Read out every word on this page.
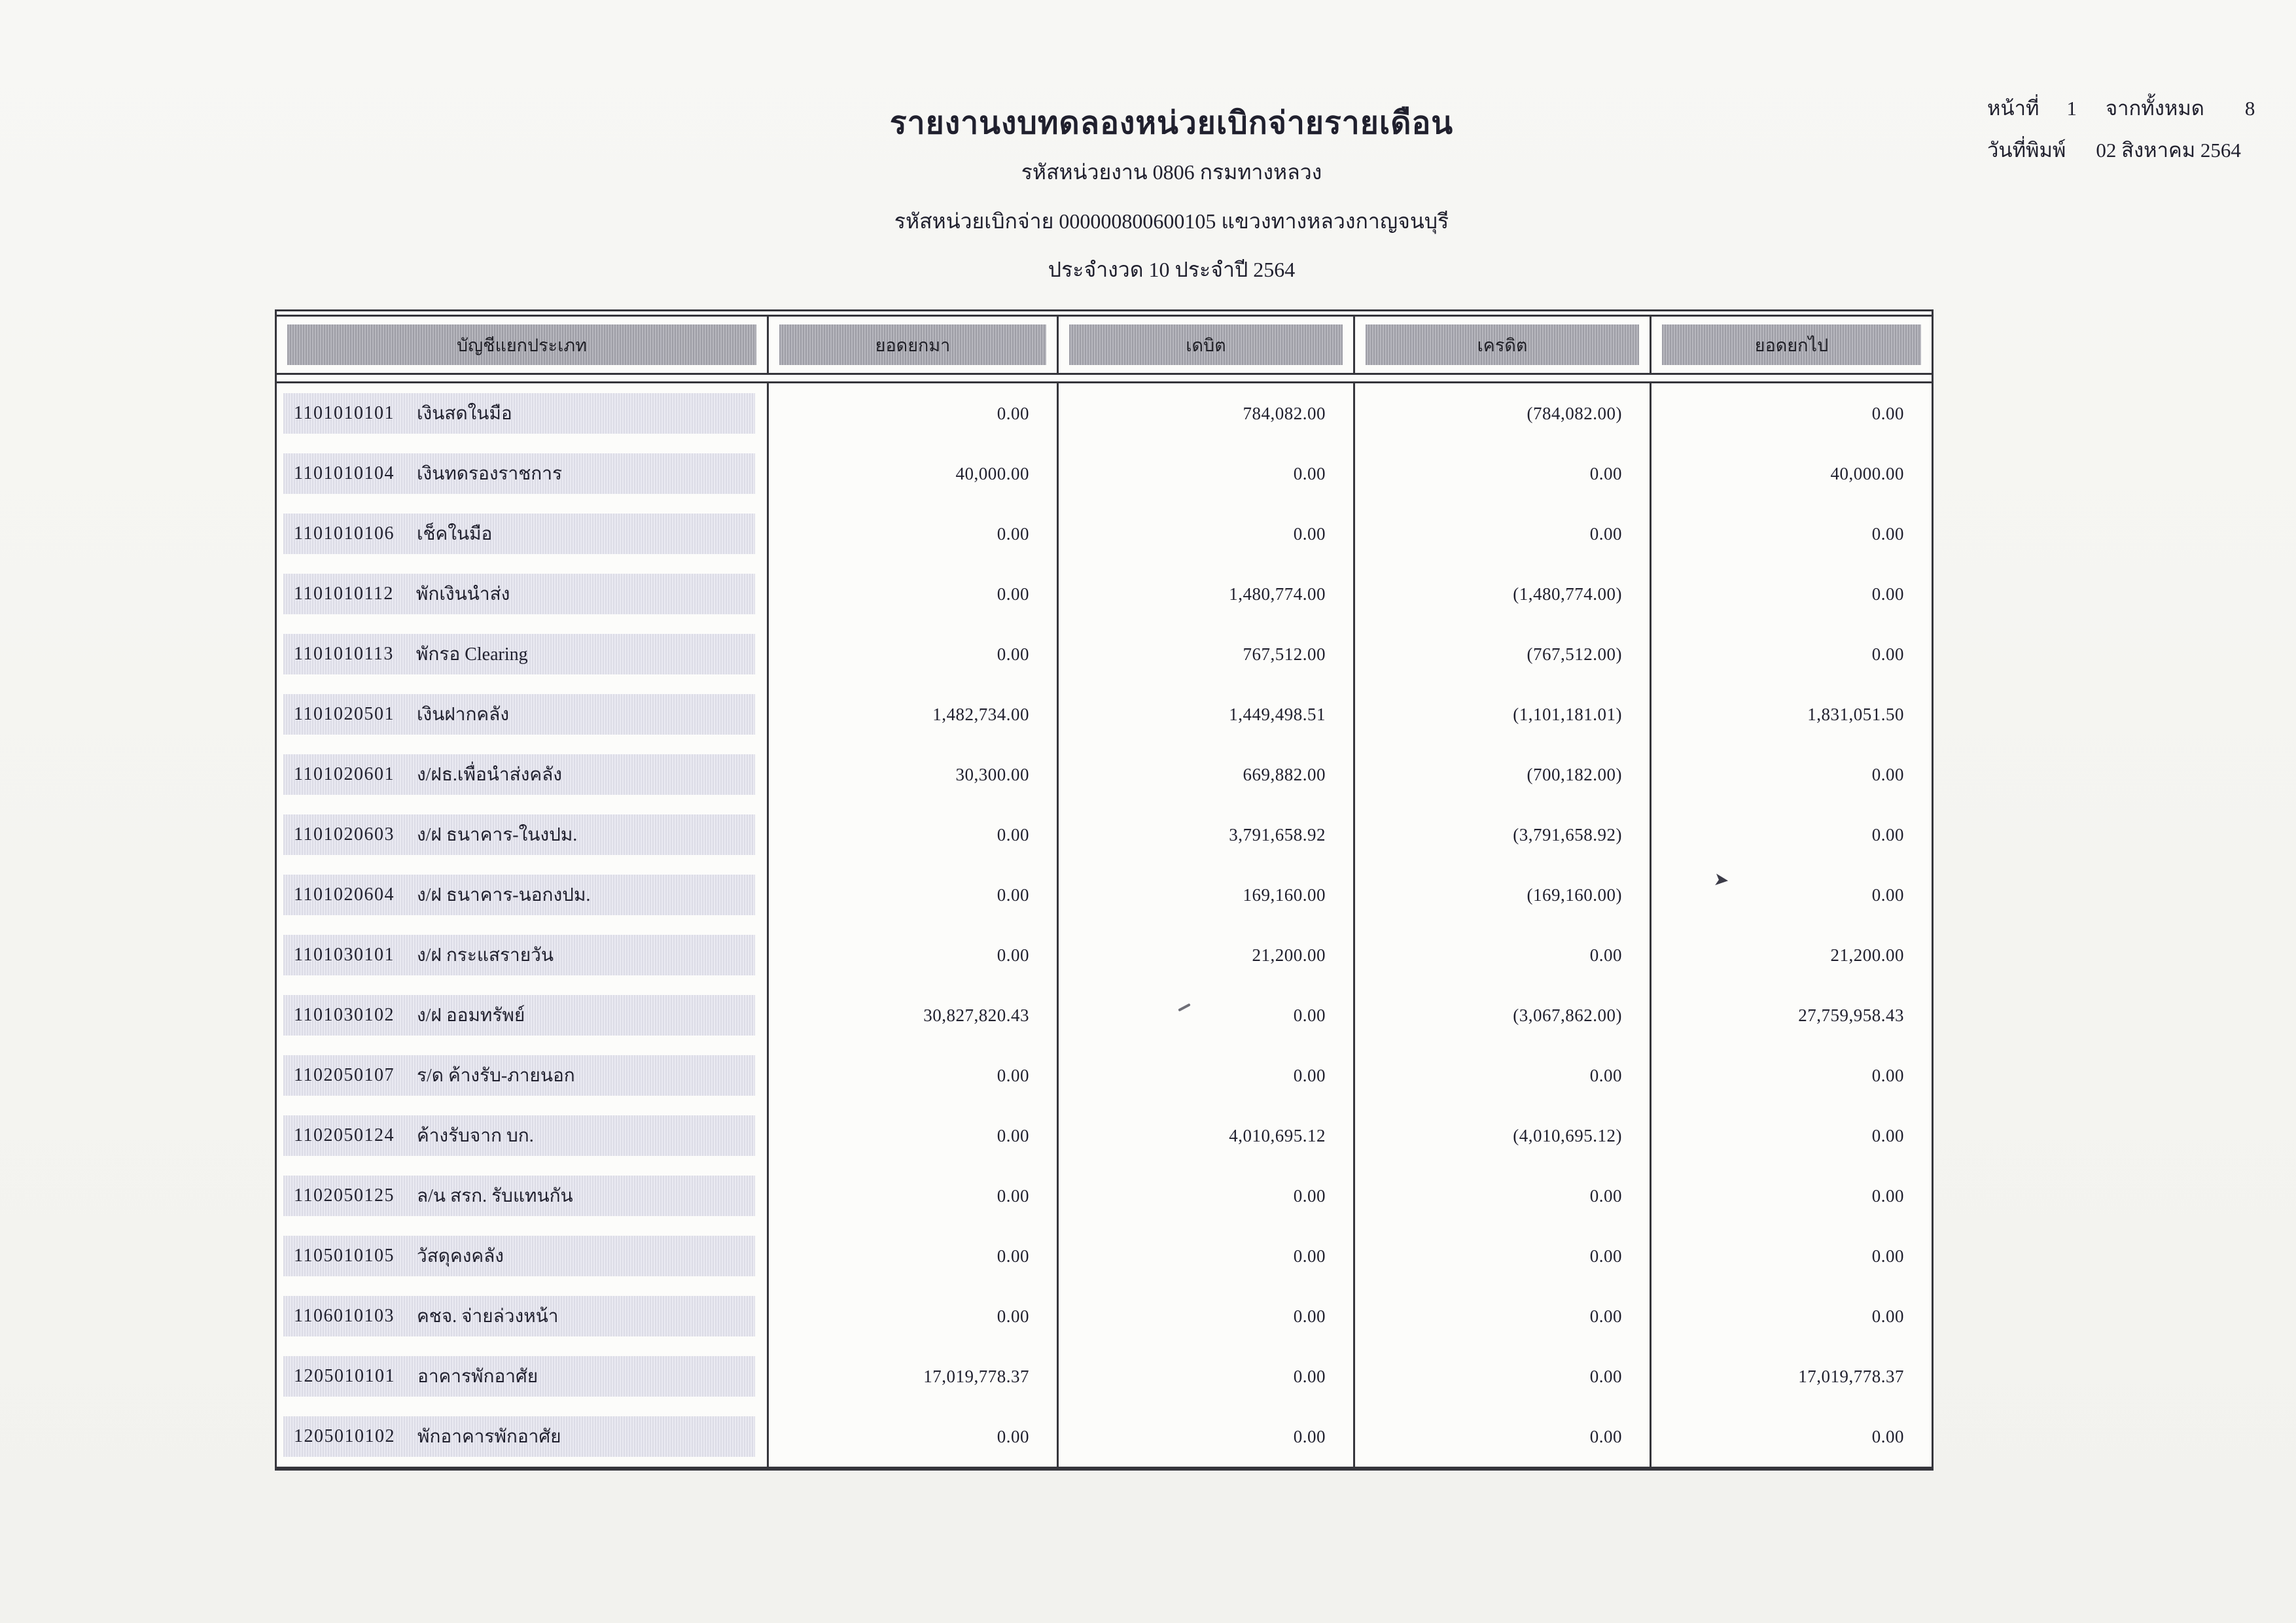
รายงานงบทดลองหน่วยเบิกจ่ายรายเดือน
รหัสหน่วยงาน 0806 กรมทางหลวง
รหัสหน่วยเบิกจ่าย 000000800600105 แขวงทางหลวงกาญจนบุรี
ประจำงวด 10 ประจำปี 2564
หน้าที่ 1 จากทั้งหมด 8
วันที่พิมพ์ 02 สิงหาคม 2564
บัญชีแยกประเภท	ยอดยกมา	เดบิต	เครดิต	ยอดยกไป
1101010101 เงินสดในมือ	0.00	784,082.00	(784,082.00)	0.00
1101010104 เงินทดรองราชการ	40,000.00	0.00	0.00	40,000.00
1101010106 เช็คในมือ	0.00	0.00	0.00	0.00
1101010112 พักเงินนำส่ง	0.00	1,480,774.00	(1,480,774.00)	0.00
1101010113 พักรอ Clearing	0.00	767,512.00	(767,512.00)	0.00
1101020501 เงินฝากคลัง	1,482,734.00	1,449,498.51	(1,101,181.01)	1,831,051.50
1101020601 ง/ฝธ.เพื่อนำส่งคลัง	30,300.00	669,882.00	(700,182.00)	0.00
1101020603 ง/ฝ ธนาคาร-ในงปม.	0.00	3,791,658.92	(3,791,658.92)	0.00
1101020604 ง/ฝ ธนาคาร-นอกงปม.	0.00	169,160.00	(169,160.00)	0.00
1101030101 ง/ฝ กระแสรายวัน	0.00	21,200.00	0.00	21,200.00
1101030102 ง/ฝ ออมทรัพย์	30,827,820.43	0.00	(3,067,862.00)	27,759,958.43
1102050107 ร/ด ค้างรับ-ภายนอก	0.00	0.00	0.00	0.00
1102050124 ค้างรับจาก บก.	0.00	4,010,695.12	(4,010,695.12)	0.00
1102050125 ล/น สรก. รับแทนกัน	0.00	0.00	0.00	0.00
1105010105 วัสดุคงคลัง	0.00	0.00	0.00	0.00
1106010103 คชจ. จ่ายล่วงหน้า	0.00	0.00	0.00	0.00
1205010101 อาคารพักอาศัย	17,019,778.37	0.00	0.00	17,019,778.37
1205010102 พักอาคารพักอาศัย	0.00	0.00	0.00	0.00
➤
